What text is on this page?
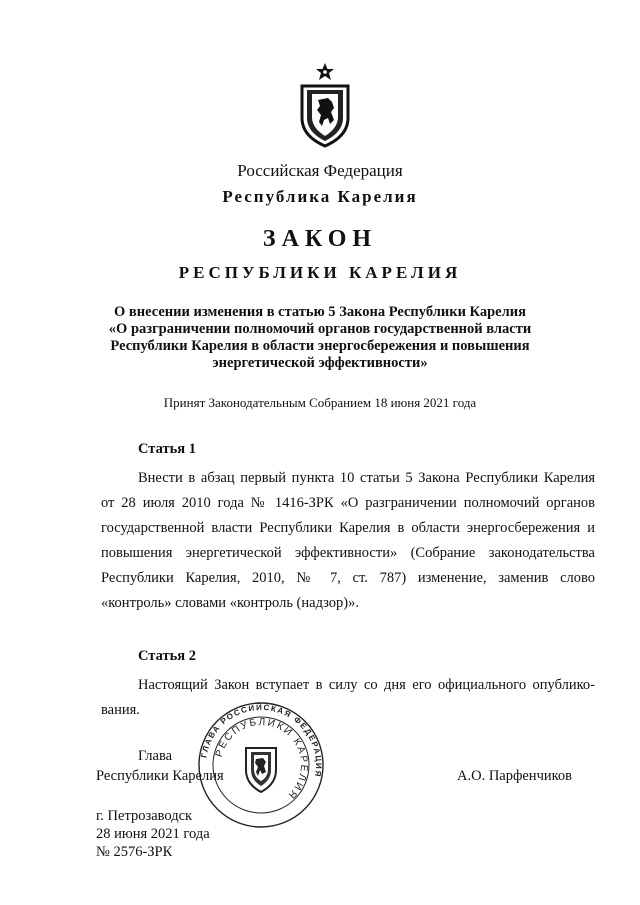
Российская Федерация
Республика Карелия
ЗАКОН
РЕСПУБЛИКИ КАРЕЛИЯ
О внесении изменения в статью 5 Закона Республики Карелия
«О разграничении полномочий органов государственной власти
Республики Карелия в области энергосбережения и повышения
энергетической эффективности»
Принят Законодательным Собранием 18 июня 2021 года
Статья 1
Внести в абзац первый пункта 10 статьи 5 Закона Республики Карелия
от 28 июля 2010 года № 1416-ЗРК «О разграничении полномочий органов
государственной власти Республики Карелия в области энергосбережения и
повышения энергетической эффективности» (Собрание законодательства
Республики Карелия, 2010, № 7, ст. 787) изменение, заменив слово
«контроль» словами «контроль (надзор)».
Статья 2
Настоящий Закон вступает в силу со дня его официального опублико-
вания.
ГЛАВА РОССИЙСКАЯ ФЕДЕРАЦИЯ
РЕСПУБЛИКИ КАРЕЛИЯ
Глава
Республики Карелия	А.О. Парфенчиков
г. Петрозаводск
28 июня 2021 года
№ 2576-ЗРК
